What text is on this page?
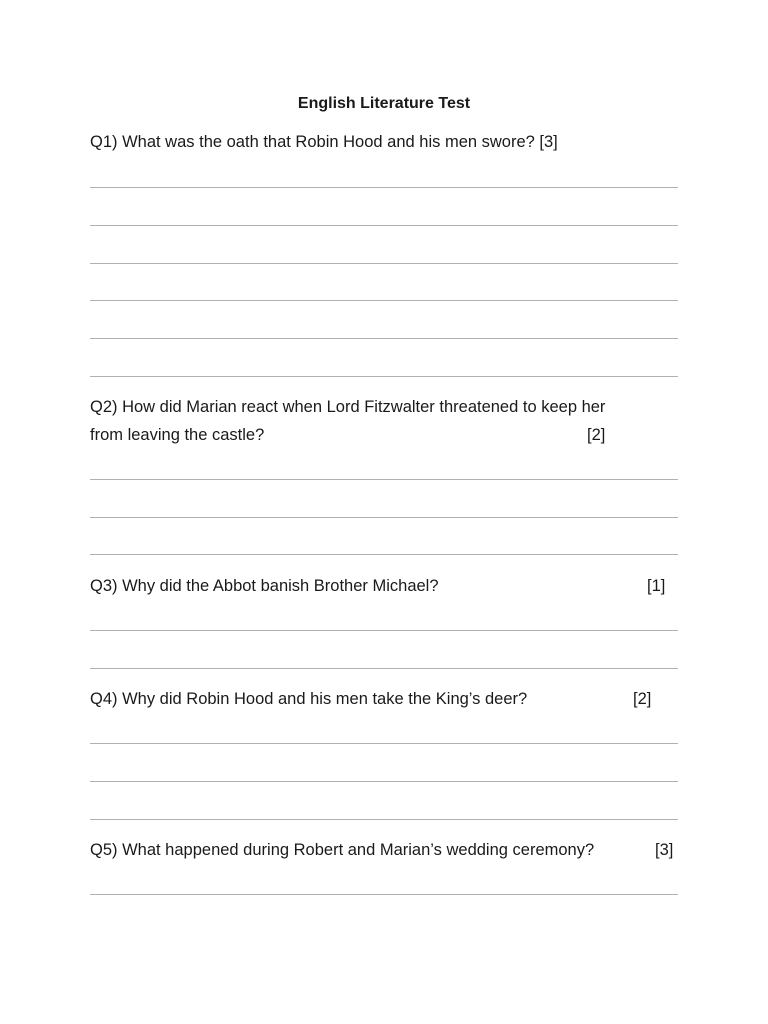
English Literature Test
Q1) What was the oath that Robin Hood and his men swore? [3]
Q2) How did Marian react when Lord Fitzwalter threatened to keep her
from leaving the castle?	[2]
Q3) Why did the Abbot banish Brother Michael?	[1]
Q4) Why did Robin Hood and his men take the King’s deer?	[2]
Q5) What happened during Robert and Marian’s wedding ceremony?	[3]
